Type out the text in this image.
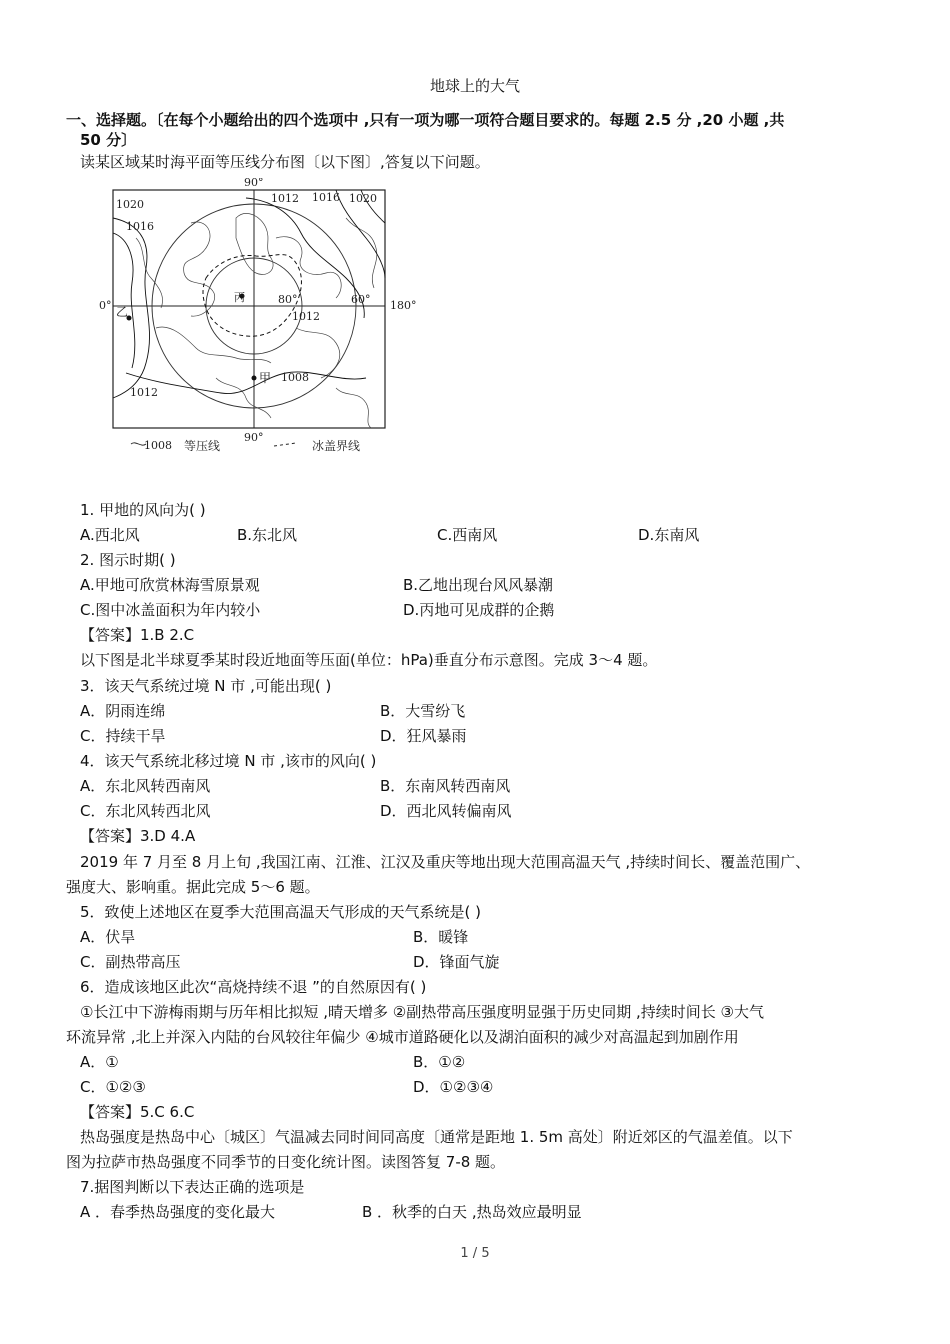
地球上的大气
一、选择题。〔在每个小题给出的四个选项中 ,只有一项为哪一项符合题目要求的。每题 2.5 分 ,20 小题 ,共
50 分〕
读某区域某时海平面等压线分布图〔以下图〕,答复以下问题。
90°
0°	180°
90°
80°	60°
1020
1016
1012 1016 1020
1012
1012
1008
甲
乙
丙
1008 等压线	冰盖界线
1. 甲地的风向为( )
A.西北风	B.东北风	C.西南风	D.东南风
2. 图示时期( )
A.甲地可欣赏林海雪原景观	B.乙地出现台风风暴潮
C.图中冰盖面积为年内较小	D.丙地可见成群的企鹅
【答案】1.B 2.C
以下图是北半球夏季某时段近地面等压面(单位：hPa)垂直分布示意图。完成 3～4 题。
3．该天气系统过境 N 市 ,可能出现( )
A．阴雨连绵	B．大雪纷飞
C．持续干旱	D．狂风暴雨
4．该天气系统北移过境 N 市 ,该市的风向( )
A．东北风转西南风	B．东南风转西南风
C．东北风转西北风	D．西北风转偏南风
【答案】3.D 4.A
2019 年 7 月至 8 月上旬 ,我国江南、江淮、江汉及重庆等地出现大范围高温天气 ,持续时间长、覆盖范围广、
强度大、影响重。据此完成 5～6 题。
5．致使上述地区在夏季大范围高温天气形成的天气系统是( )
A．伏旱	B．暖锋
C．副热带高压	D．锋面气旋
6．造成该地区此次“高烧持续不退 ”的自然原因有( )
①长江中下游梅雨期与历年相比拟短 ,晴天增多 ②副热带高压强度明显强于历史同期 ,持续时间长 ③大气
环流异常 ,北上并深入内陆的台风较往年偏少 ④城市道路硬化以及湖泊面积的减少对高温起到加剧作用
A．①	B．①②
C．①②③	D．①②③④
【答案】5.C 6.C
热岛强度是热岛中心〔城区〕气温减去同时间同高度〔通常是距地 1. 5m 高处〕附近郊区的气温差值。以下
图为拉萨市热岛强度不同季节的日变化统计图。读图答复 7-8 题。
7.据图判断以下表达正确的选项是
A ．春季热岛强度的变化最大	B ．秋季的白天 ,热岛效应最明显
1 / 5
